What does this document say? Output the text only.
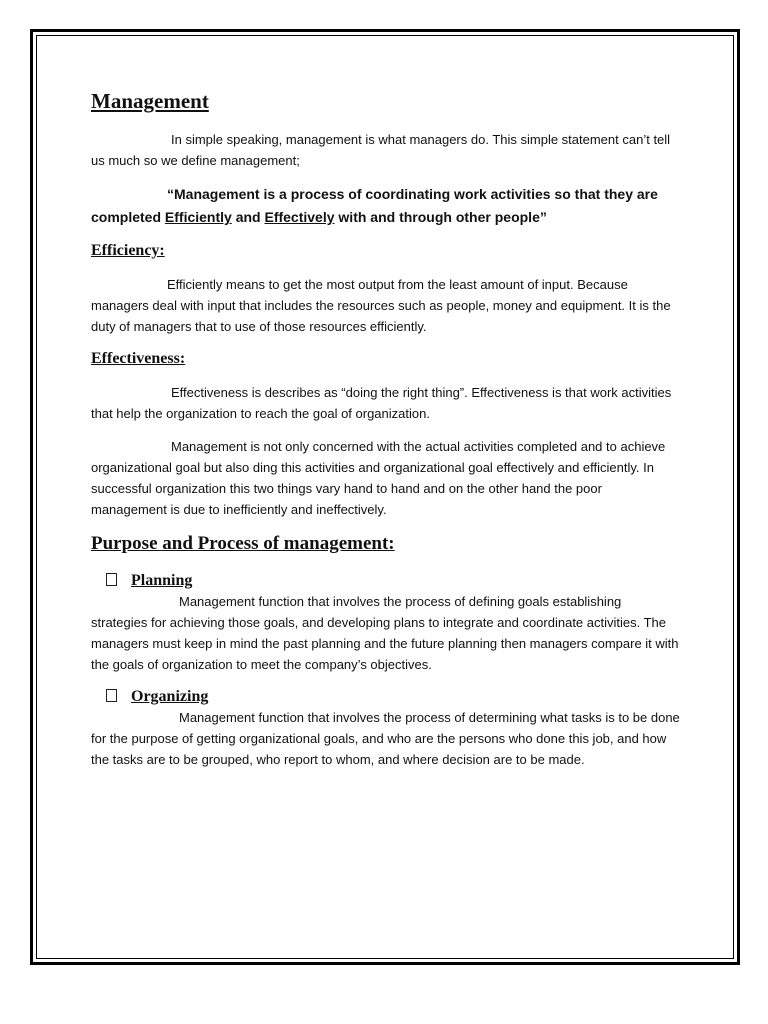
Management

In simple speaking, management is what managers do. This simple statement can’t tell us much so we define management;

“Management is a process of coordinating work activities so that they are completed Efficiently and Effectively with and through other people”

Efficiency:

Efficiently means to get the most output from the least amount of input. Because managers deal with input that includes the resources such as people, money and equipment. It is the duty of managers that to use of those resources efficiently.

Effectiveness:

Effectiveness is describes as “doing the right thing”. Effectiveness is that work activities that help the organization to reach the goal of organization.

Management is not only concerned with the actual activities completed and to achieve organizational goal but also ding this activities and organizational goal effectively and efficiently. In successful organization this two things vary hand to hand and on the other hand the poor management is due to inefficiently and ineffectively.

Purpose and Process of management:
Planning

Management function that involves the process of defining goals establishing strategies for achieving those goals, and developing plans to integrate and coordinate activities. The managers must keep in mind the past planning and the future planning then managers compare it with the goals of organization to meet the company’s objectives.

Organizing

Management function that involves the process of determining what tasks is to be done for the purpose of getting organizational goals, and who are the persons who done this job, and how the tasks are to be grouped, who report to whom, and where decision are to be made.
